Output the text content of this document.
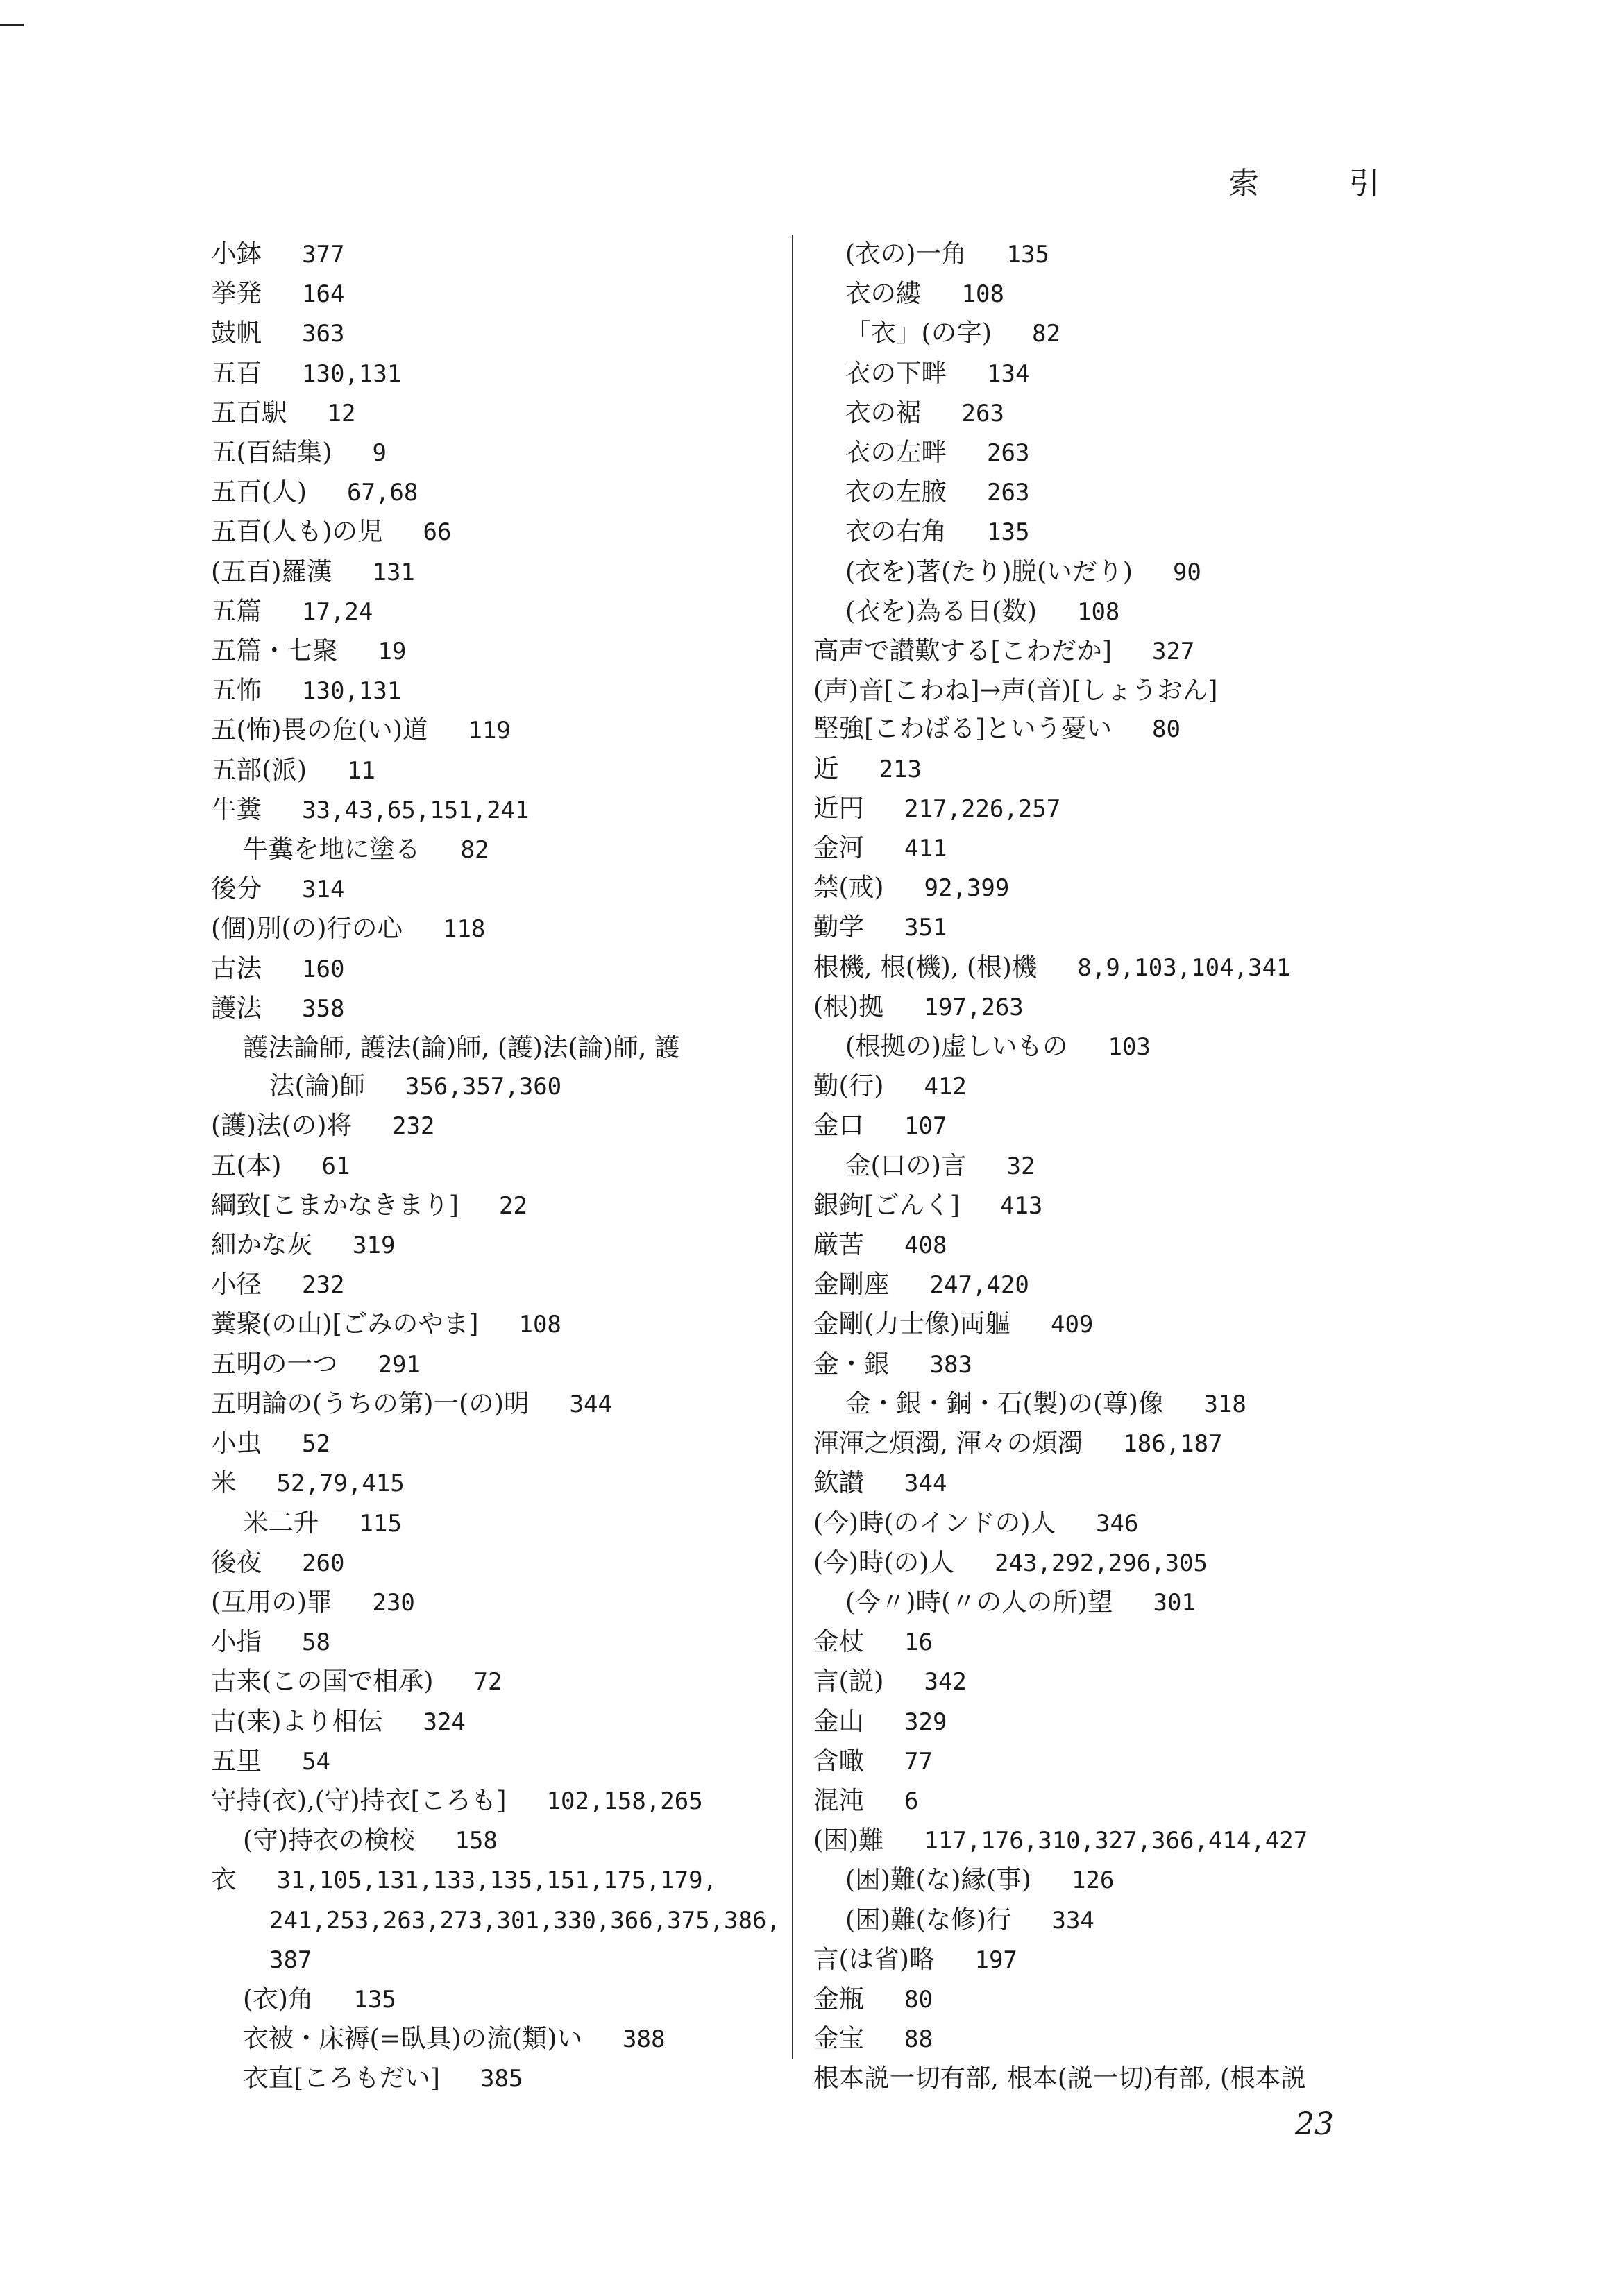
索 引
小鉢 377
挙発 164
鼓帆 363
五百 130,131
五百駅 12
五(百結集) 9
五百(人) 67,68
五百(人も)の児 66
(五百)羅漢 131
五篇 17,24
五篇・七聚 19
五怖 130,131
五(怖)畏の危(い)道 119
五部(派) 11
牛糞 33,43,65,151,241
牛糞を地に塗る 82
後分 314
(個)別(の)行の心 118
古法 160
護法 358
護法論師, 護法(論)師, (護)法(論)師, 護
法(論)師 356,357,360
(護)法(の)将 232
五(本) 61
綱致[こまかなきまり] 22
細かな灰 319
小径 232
糞聚(の山)[ごみのやま] 108
五明の一つ 291
五明論の(うちの第)一(の)明 344
小虫 52
米 52,79,415
米二升 115
後夜 260
(互用の)罪 230
小指 58
古来(この国で相承) 72
古(来)より相伝 324
五里 54
守持(衣),(守)持衣[ころも] 102,158,265
(守)持衣の検校 158
衣 31,105,131,133,135,151,175,179,
241,253,263,273,301,330,366,375,386,
387
(衣)角 135
衣被・床褥(=臥具)の流(類)い 388
衣直[ころもだい] 385
(衣の)一角 135
衣の縷 108
「衣」(の字) 82
衣の下畔 134
衣の裾 263
衣の左畔 263
衣の左腋 263
衣の右角 135
(衣を)著(たり)脱(いだり) 90
(衣を)為る日(数) 108
高声で讃歎する[こわだか] 327
(声)音[こわね]→声(音)[しょうおん]
堅強[こわばる]という憂い 80
近 213
近円 217,226,257
金河 411
禁(戒) 92,399
勤学 351
根機, 根(機), (根)機 8,9,103,104,341
(根)拠 197,263
(根拠の)虚しいもの 103
勤(行) 412
金口 107
金(口の)言 32
銀鉤[ごんく] 413
厳苦 408
金剛座 247,420
金剛(力士像)両軀 409
金・銀 383
金・銀・銅・石(製)の(尊)像 318
渾渾之煩濁, 渾々の煩濁 186,187
欽讃 344
(今)時(のインドの)人 346
(今)時(の)人 243,292,296,305
(今〃)時(〃の人の所)望 301
金杖 16
言(説) 342
金山 329
含噉 77
混沌 6
(困)難 117,176,310,327,366,414,427
(困)難(な)縁(事) 126
(困)難(な修)行 334
言(は省)略 197
金瓶 80
金宝 88
根本説一切有部, 根本(説一切)有部, (根本説
23
